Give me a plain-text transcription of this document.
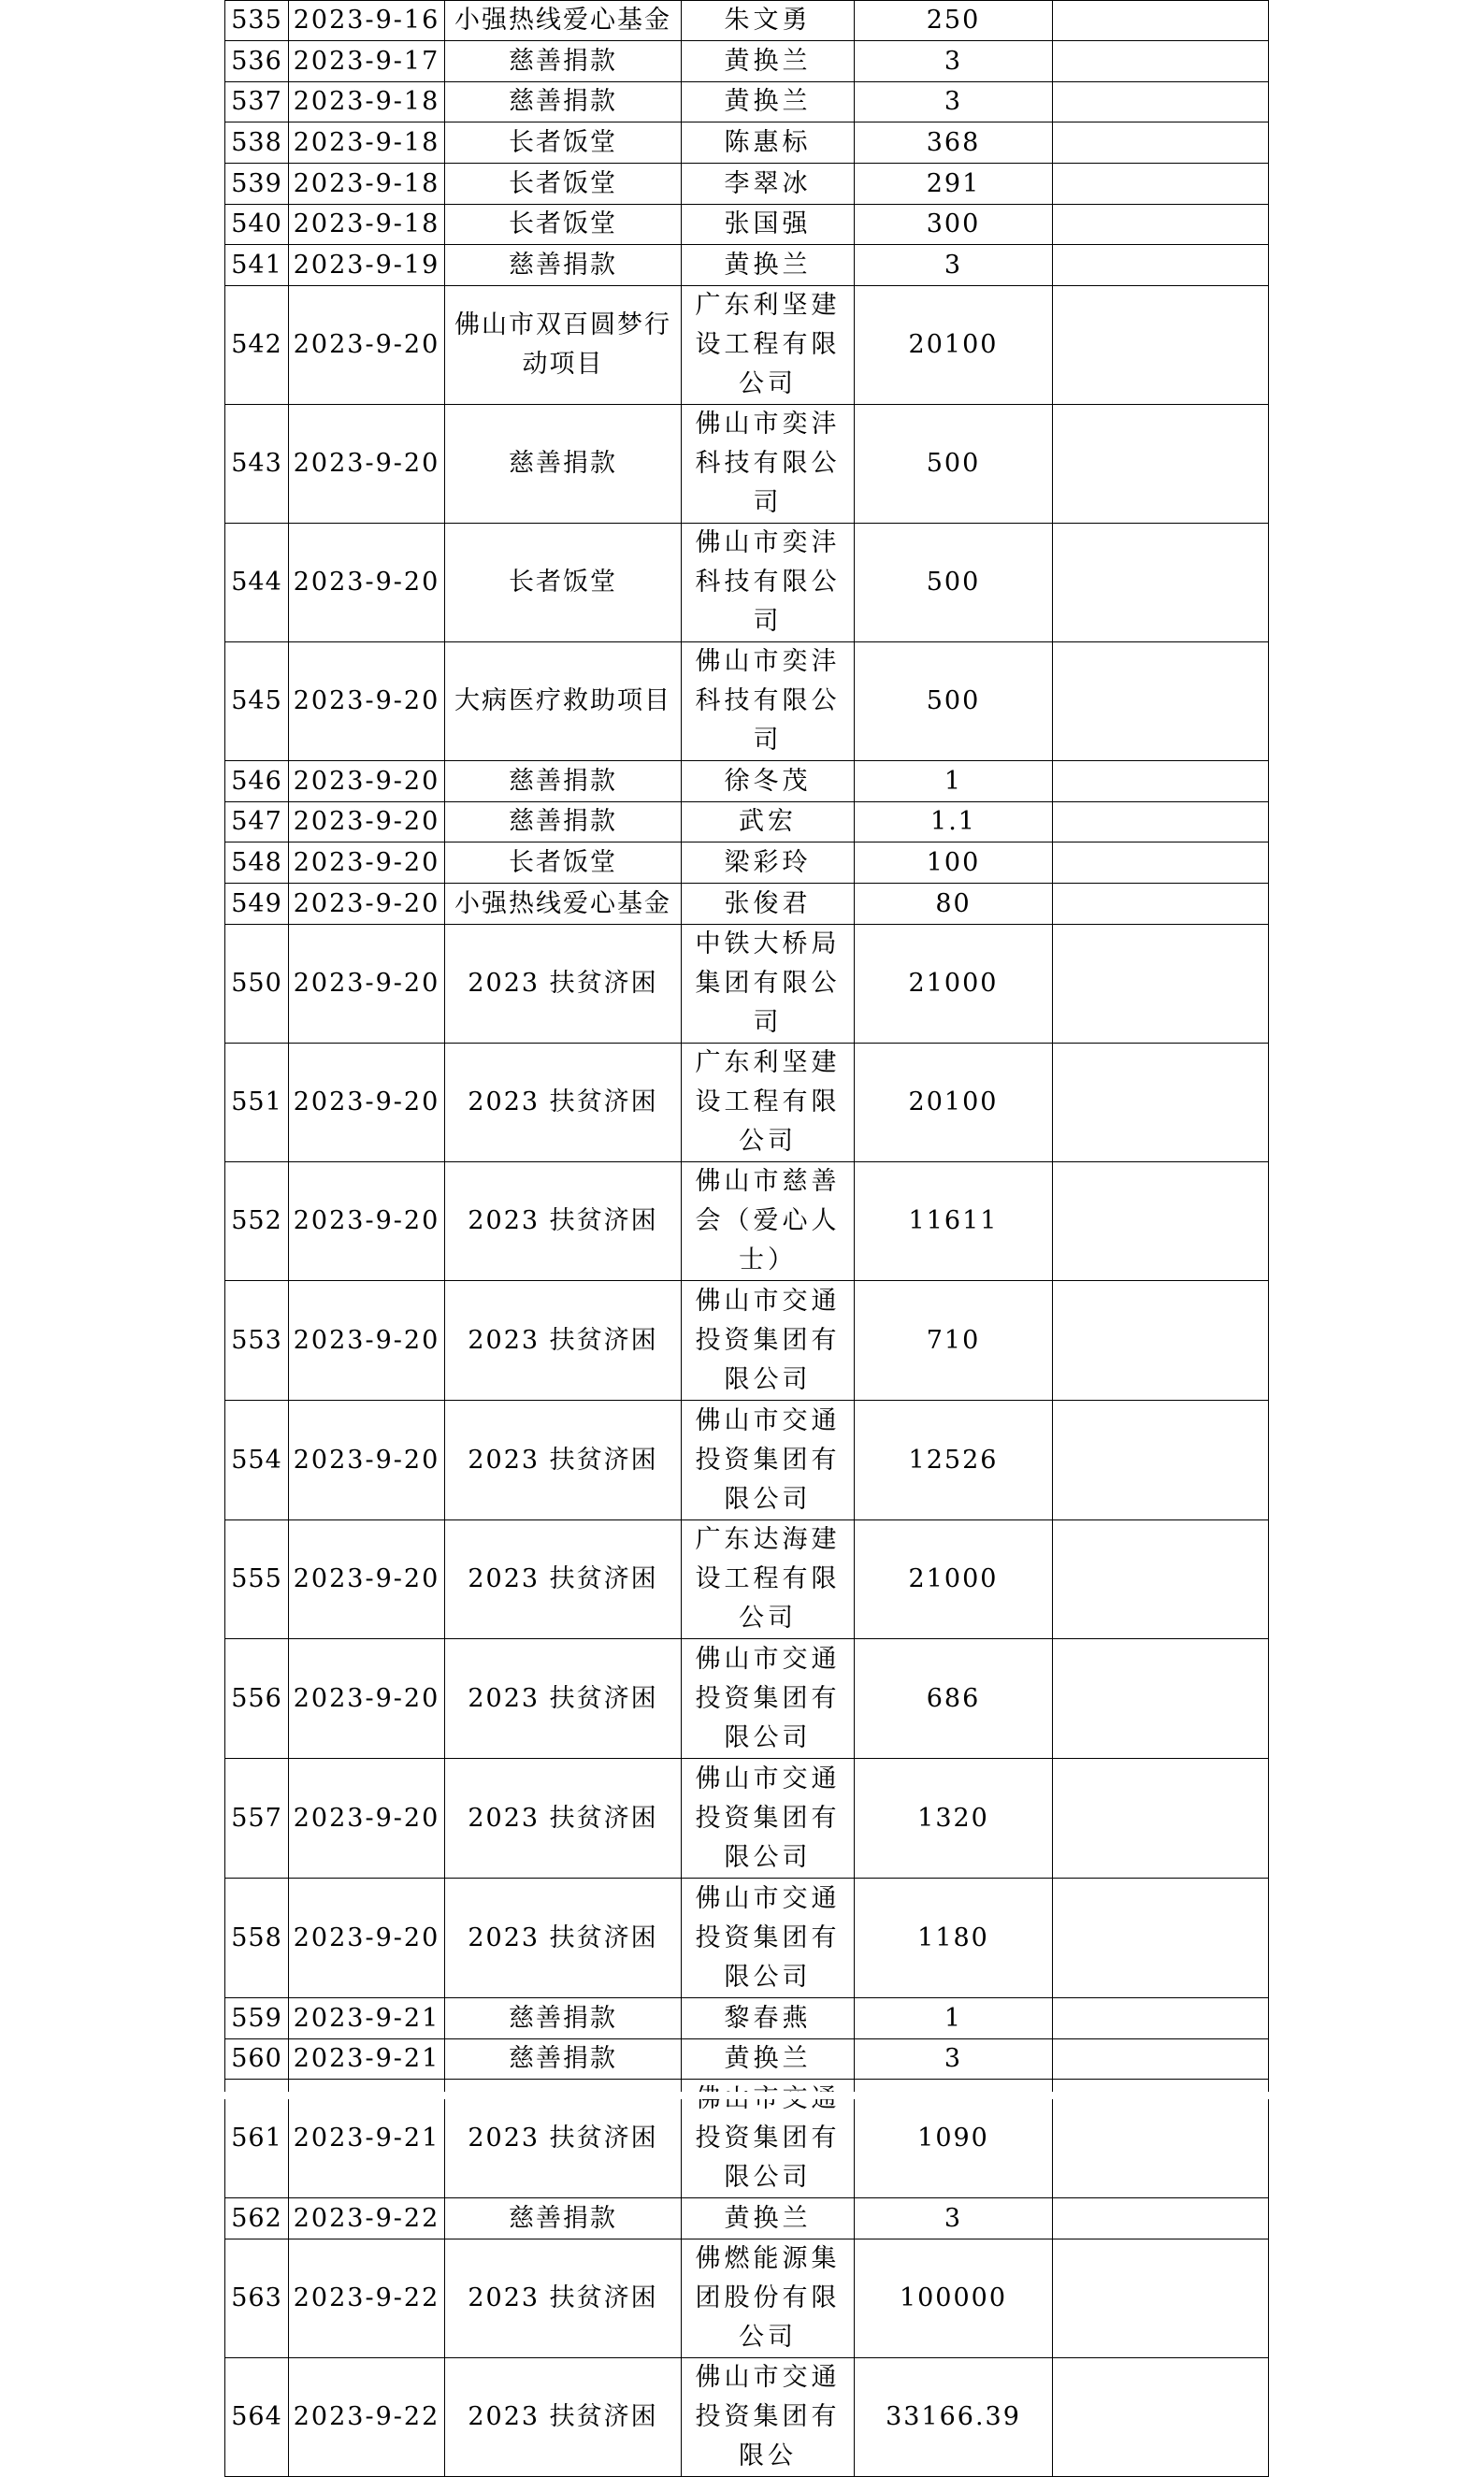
535	2023-9-16	小强热线爱心基金	朱文勇	250	
536	2023-9-17	慈善捐款	黄换兰	3	
537	2023-9-18	慈善捐款	黄换兰	3	
538	2023-9-18	长者饭堂	陈惠标	368	
539	2023-9-18	长者饭堂	李翠冰	291	
540	2023-9-18	长者饭堂	张国强	300	
541	2023-9-19	慈善捐款	黄换兰	3	
542	2023-9-20	佛山市双百圆梦行动项目	广东利坚建设工程有限公司	20100	
543	2023-9-20	慈善捐款	佛山市奕沣科技有限公司	500	
544	2023-9-20	长者饭堂	佛山市奕沣科技有限公司	500	
545	2023-9-20	大病医疗救助项目	佛山市奕沣科技有限公司	500	
546	2023-9-20	慈善捐款	徐冬茂	1	
547	2023-9-20	慈善捐款	武宏	1.1	
548	2023-9-20	长者饭堂	梁彩玲	100	
549	2023-9-20	小强热线爱心基金	张俊君	80	
550	2023-9-20	2023 扶贫济困	中铁大桥局集团有限公司	21000	
551	2023-9-20	2023 扶贫济困	广东利坚建设工程有限公司	20100	
552	2023-9-20	2023 扶贫济困	佛山市慈善会（爱心人士）	11611	
553	2023-9-20	2023 扶贫济困	佛山市交通投资集团有限公司	710	
554	2023-9-20	2023 扶贫济困	佛山市交通投资集团有限公司	12526	
555	2023-9-20	2023 扶贫济困	广东达海建设工程有限公司	21000	
556	2023-9-20	2023 扶贫济困	佛山市交通投资集团有限公司	686	
557	2023-9-20	2023 扶贫济困	佛山市交通投资集团有限公司	1320	
558	2023-9-20	2023 扶贫济困	佛山市交通投资集团有限公司	1180	
559	2023-9-21	慈善捐款	黎春燕	1	
560	2023-9-21	慈善捐款	黄换兰	3	
561	2023-9-21	2023 扶贫济困	投资集团有限公司	1090	
562	2023-9-22	慈善捐款	黄换兰	3	
563	2023-9-22	2023 扶贫济困	佛燃能源集团股份有限公司	100000	
564	2023-9-22	2023 扶贫济困	佛山市交通投资集团有限公	33166.39	
